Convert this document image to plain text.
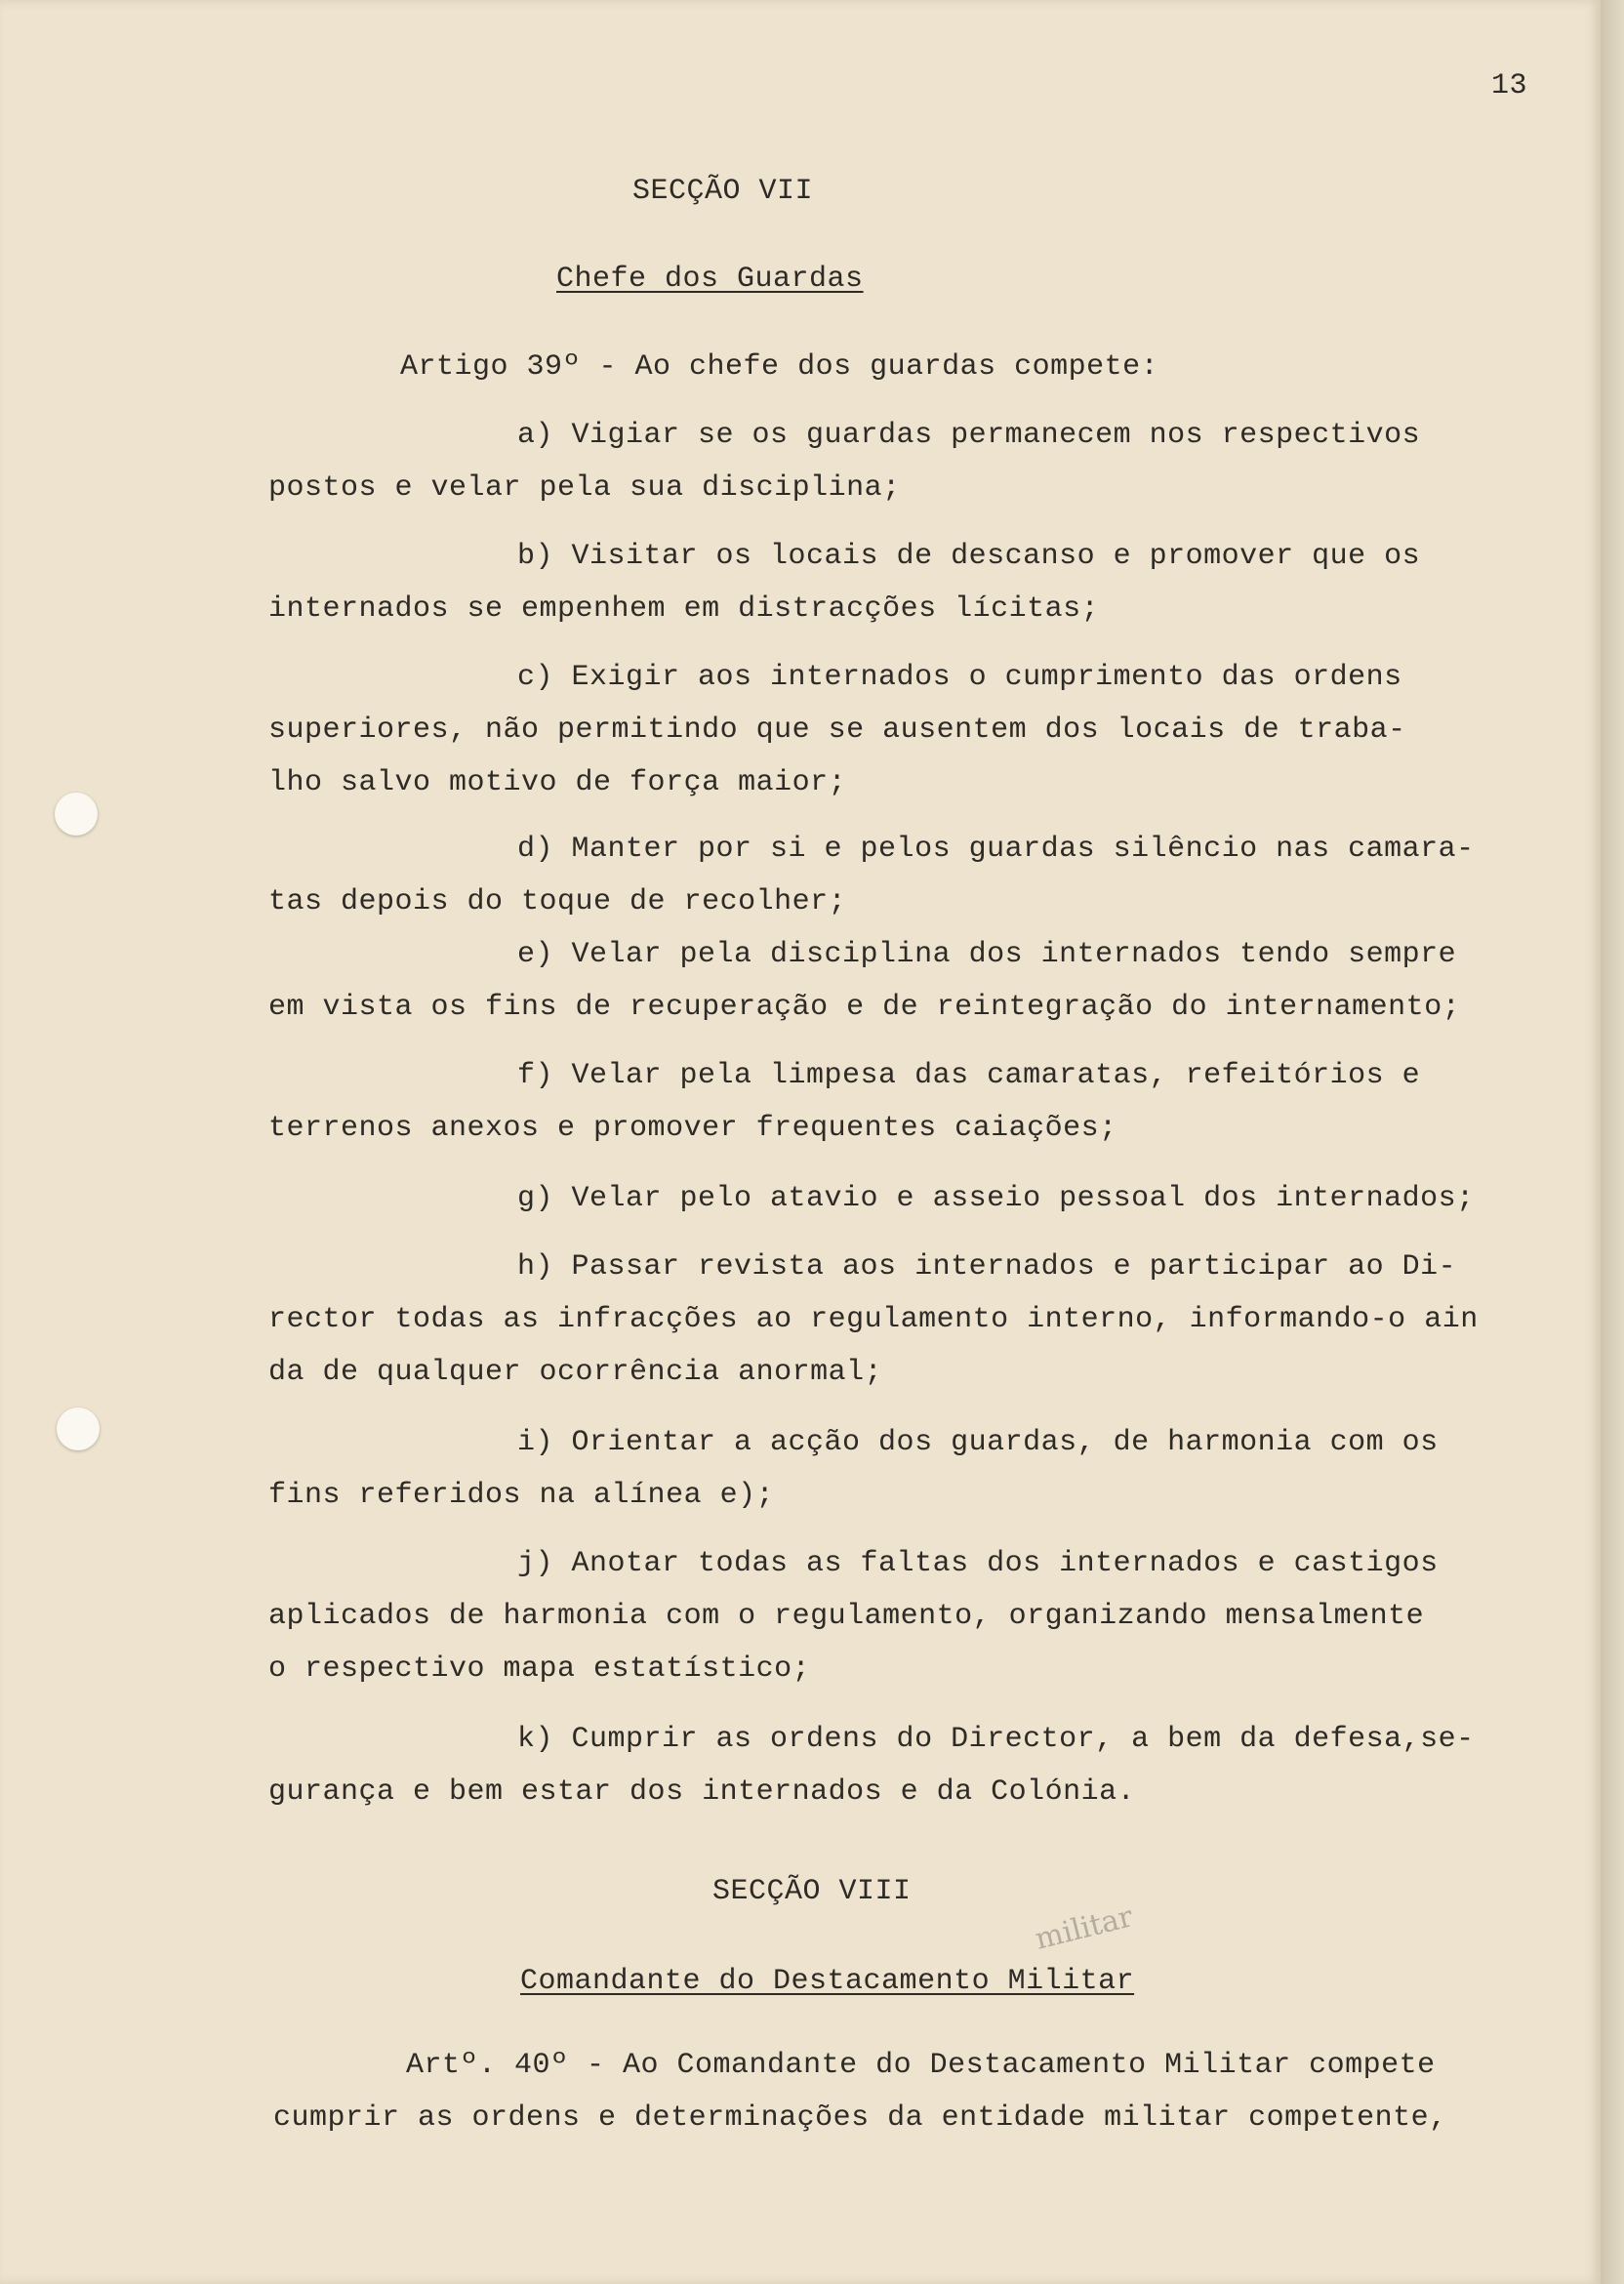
13

SECÇÃO VII

Chefe dos Guardas

Artigo 39º - Ao chefe dos guardas compete:

a) Vigiar se os guardas permanecem nos respectivos

postos e velar pela sua disciplina;

b) Visitar os locais de descanso e promover que os

internados se empenhem em distracções lícitas;

c) Exigir aos internados o cumprimento das ordens

superiores, não permitindo que se ausentem dos locais de traba-

lho salvo motivo de força maior;

d) Manter por si e pelos guardas silêncio nas camara-

tas depois do toque de recolher;

e) Velar pela disciplina dos internados tendo sempre

em vista os fins de recuperação e de reintegração do internamento;

f) Velar pela limpesa das camaratas, refeitórios e

terrenos anexos e promover frequentes caiações;

g) Velar pelo atavio e asseio pessoal dos internados;

h) Passar revista aos internados e participar ao Di-

rector todas as infracções ao regulamento interno, informando-o ain

da de qualquer ocorrência anormal;

i) Orientar a acção dos guardas, de harmonia com os

fins referidos na alínea e);

j) Anotar todas as faltas dos internados e castigos

aplicados de harmonia com o regulamento, organizando mensalmente

o respectivo mapa estatístico;

k) Cumprir as ordens do Director, a bem da defesa,se-

gurança e bem estar dos internados e da Colónia.

SECÇÃO VIII

militar

Comandante do Destacamento Militar

Artº. 40º - Ao Comandante do Destacamento Militar compete

cumprir as ordens e determinações da entidade militar competente,
